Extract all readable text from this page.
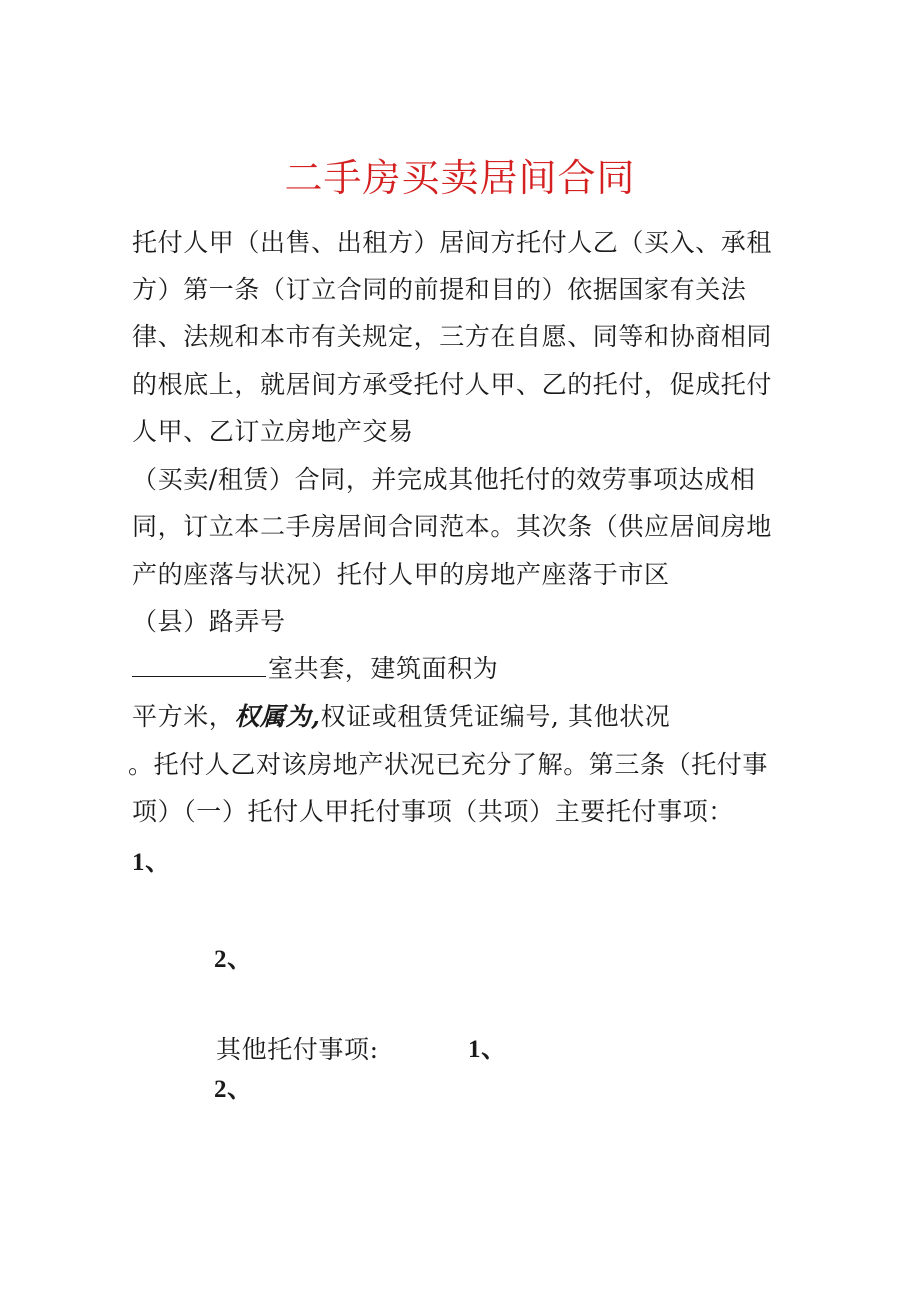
二手房买卖居间合同
托付人甲（出售、出租方）居间方托付人乙（买入、承租
方）第一条（订立合同的前提和目的）依据国家有关法
律、法规和本市有关规定，三方在自愿、同等和协商相同
的根底上，就居间方承受托付人甲、乙的托付，促成托付
人甲、乙订立房地产交易
（买卖/租赁）合同，并完成其他托付的效劳事项达成相
同，订立本二手房居间合同范本。其次条（供应居间房地
产的座落与状况）托付人甲的房地产座落于市区
（县）路弄号
室共套，建筑面积为
平方米，权属为,权证或租赁凭证编号, 其他状况
。托付人乙对该房地产状况已充分了解。第三条（托付事
项）（一）托付人甲托付事项（共项）主要托付事项：
1、
2、
其他托付事项:	1、
2、
